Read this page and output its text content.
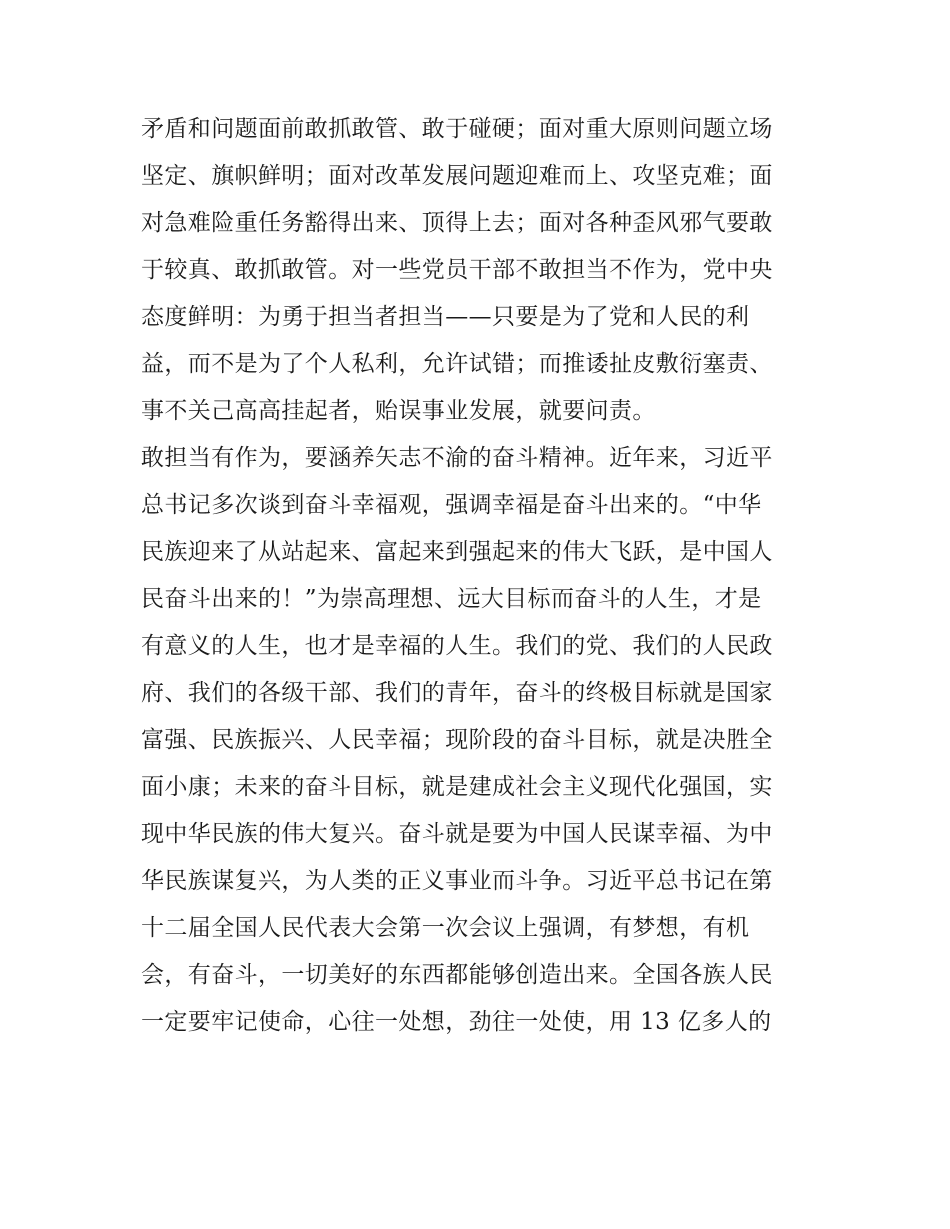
矛盾和问题面前敢抓敢管、敢于碰硬；面对重大原则问题立场
坚定、旗帜鲜明；面对改革发展问题迎难而上、攻坚克难；面
对急难险重任务豁得出来、顶得上去；面对各种歪风邪气要敢
于较真、敢抓敢管。对一些党员干部不敢担当不作为，党中央
态度鲜明：为勇于担当者担当——只要是为了党和人民的利
益，而不是为了个人私利，允许试错；而推诿扯皮敷衍塞责、
事不关己高高挂起者，贻误事业发展，就要问责。
敢担当有作为，要涵养矢志不渝的奋斗精神。近年来，习近平
总书记多次谈到奋斗幸福观，强调幸福是奋斗出来的。“中华
民族迎来了从站起来、富起来到强起来的伟大飞跃，是中国人
民奋斗出来的！”为崇高理想、远大目标而奋斗的人生，才是
有意义的人生，也才是幸福的人生。我们的党、我们的人民政
府、我们的各级干部、我们的青年，奋斗的终极目标就是国家
富强、民族振兴、人民幸福；现阶段的奋斗目标，就是决胜全
面小康；未来的奋斗目标，就是建成社会主义现代化强国，实
现中华民族的伟大复兴。奋斗就是要为中国人民谋幸福、为中
华民族谋复兴，为人类的正义事业而斗争。习近平总书记在第
十二届全国人民代表大会第一次会议上强调，有梦想，有机
会，有奋斗，一切美好的东西都能够创造出来。全国各族人民
一定要牢记使命，心往一处想，劲往一处使，用 13 亿多人的
